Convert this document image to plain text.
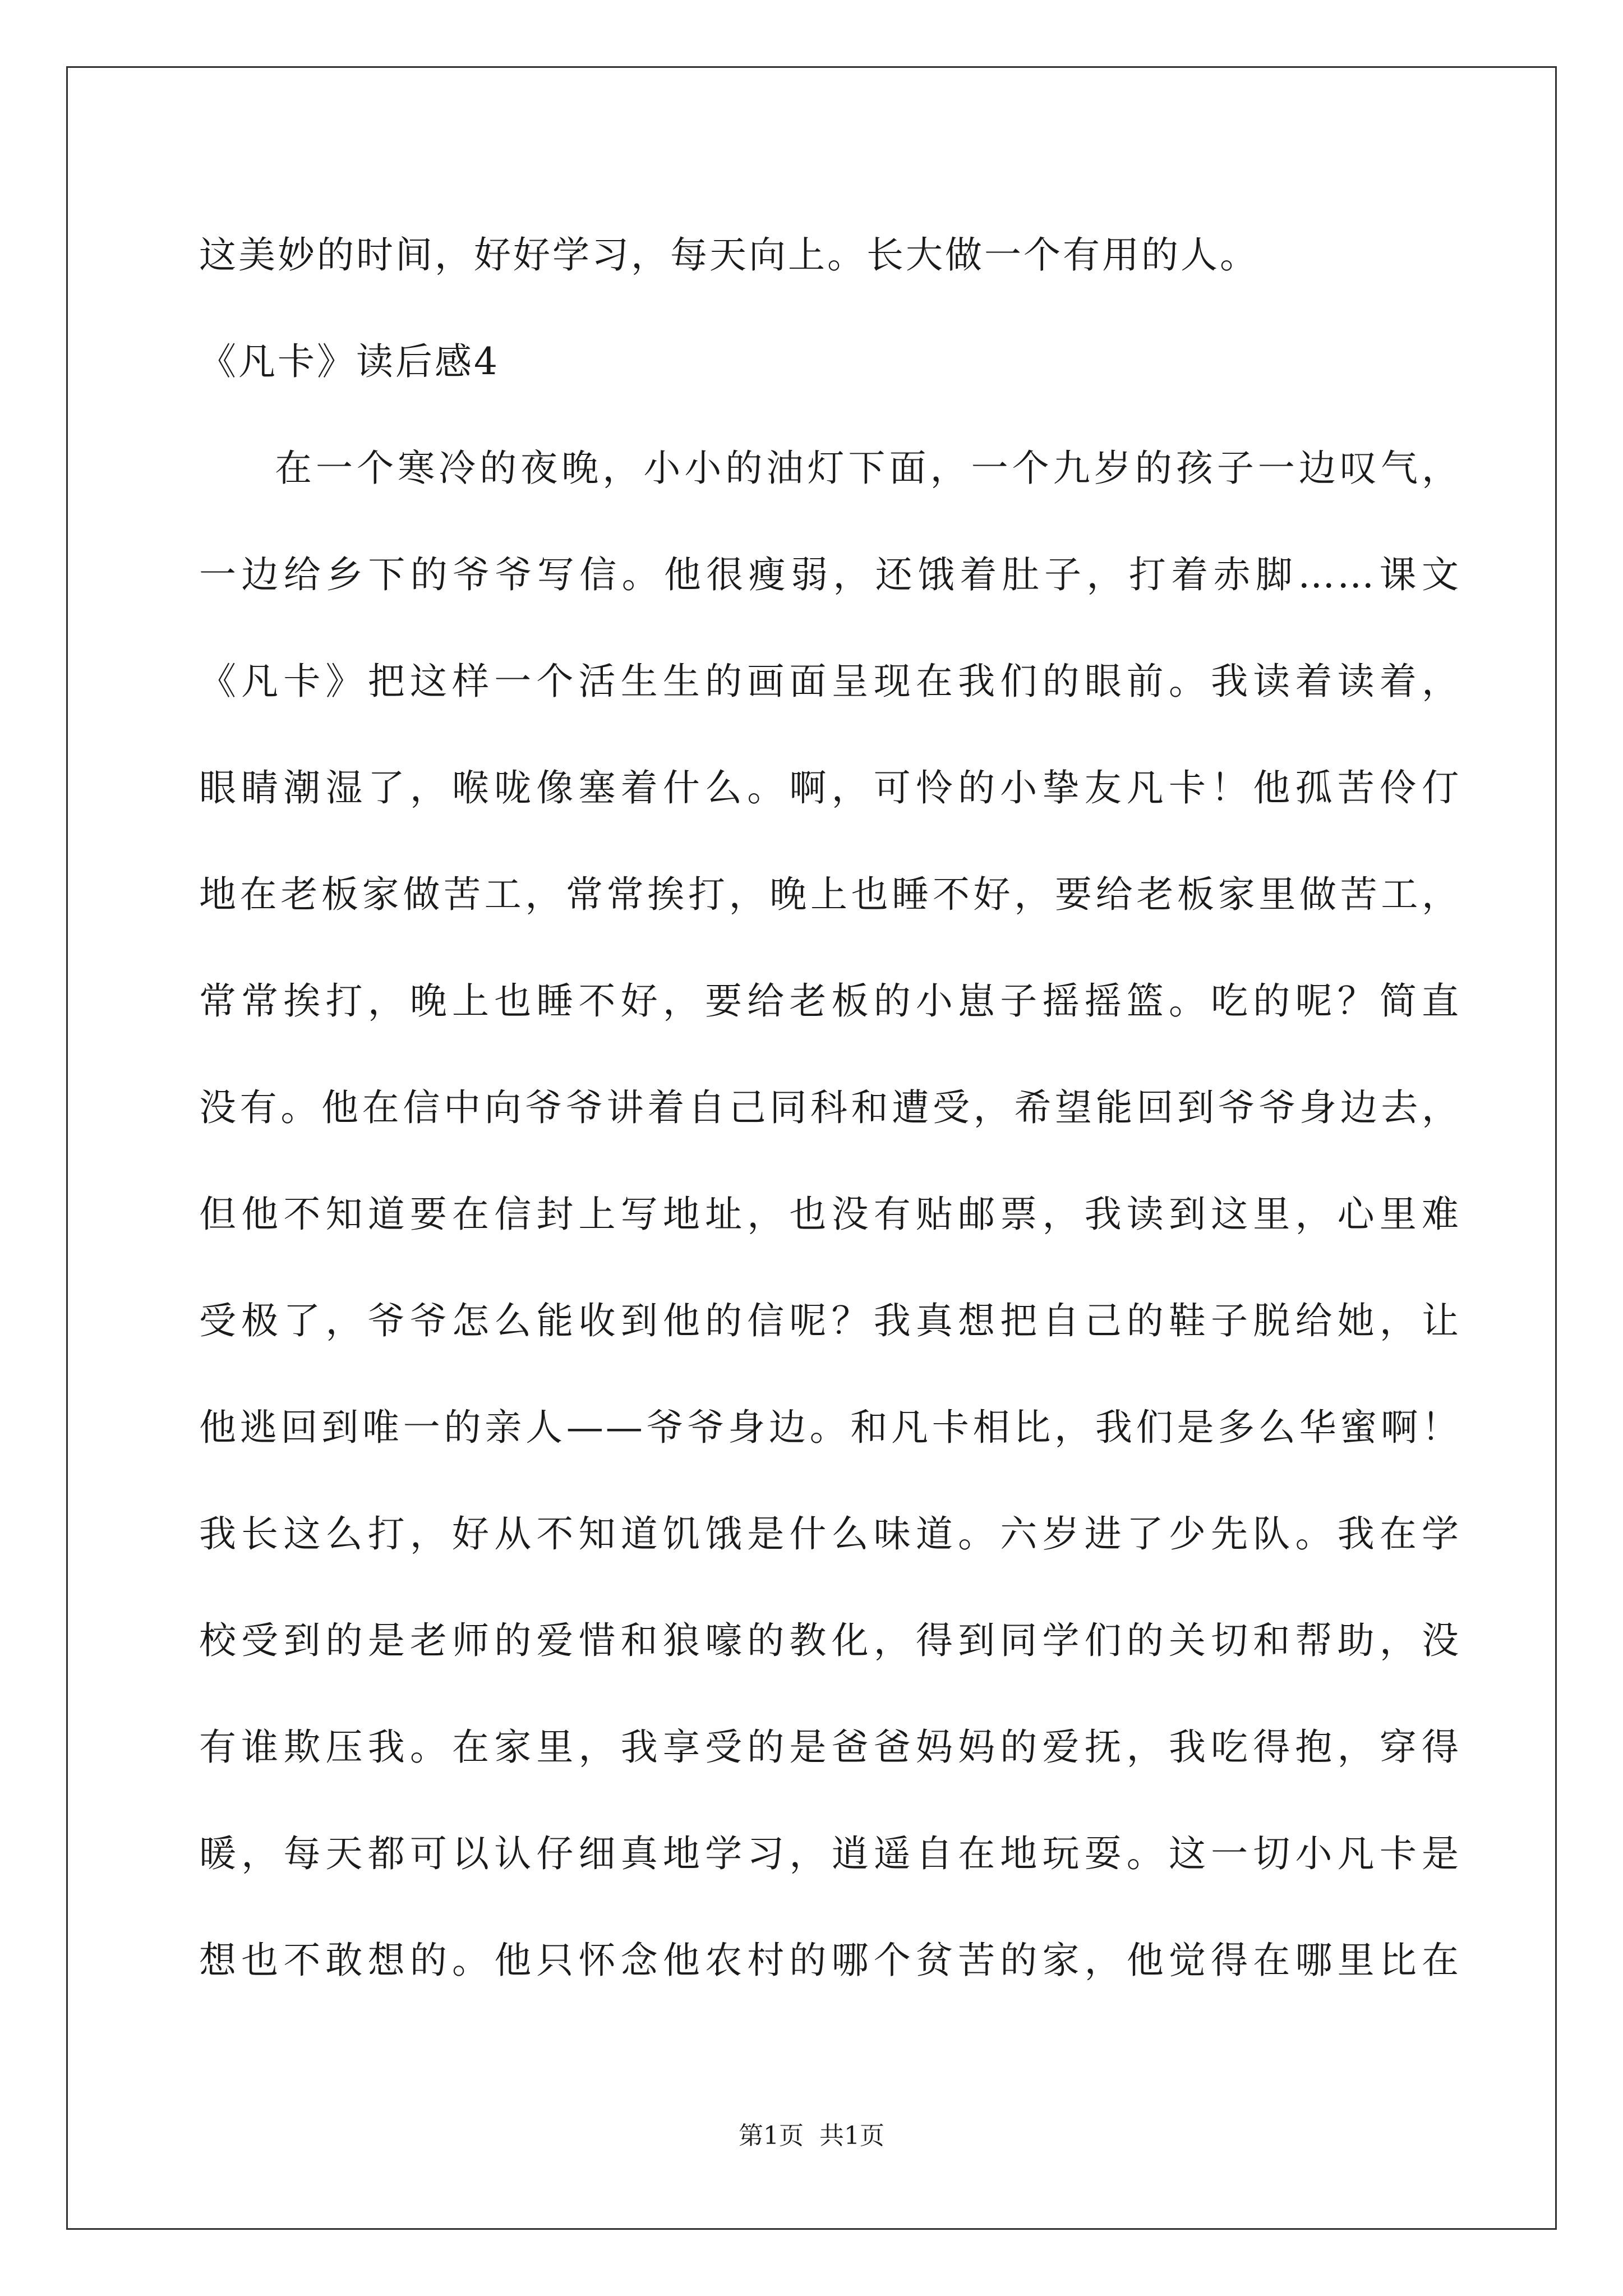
这美妙的时间，好好学习，每天向上。长大做一个有用的人。
《凡卡》读后感4
在一个寒冷的夜晚，小小的油灯下面，一个九岁的孩子一边叹气，
一边给乡下的爷爷写信。他很瘦弱，还饿着肚子，打着赤脚……课文
《凡卡》把这样一个活生生的画面呈现在我们的眼前。我读着读着，
眼睛潮湿了，喉咙像塞着什么。啊，可怜的小挚友凡卡！他孤苦伶仃
地在老板家做苦工，常常挨打，晚上也睡不好，要给老板家里做苦工，
常常挨打，晚上也睡不好，要给老板的小崽子摇摇篮。吃的呢？简直
没有。他在信中向爷爷讲着自己同科和遭受，希望能回到爷爷身边去，
但他不知道要在信封上写地址，也没有贴邮票，我读到这里，心里难
受极了，爷爷怎么能收到他的信呢？我真想把自己的鞋子脱给她，让
他逃回到唯一的亲人——爷爷身边。和凡卡相比，我们是多么华蜜啊！
我长这么打，好从不知道饥饿是什么味道。六岁进了少先队。我在学
校受到的是老师的爱惜和狼嚎的教化，得到同学们的关切和帮助，没
有谁欺压我。在家里，我享受的是爸爸妈妈的爱抚，我吃得抱，穿得
暖，每天都可以认仔细真地学习，逍遥自在地玩耍。这一切小凡卡是
想也不敢想的。他只怀念他农村的哪个贫苦的家，他觉得在哪里比在
第1页 共1页
